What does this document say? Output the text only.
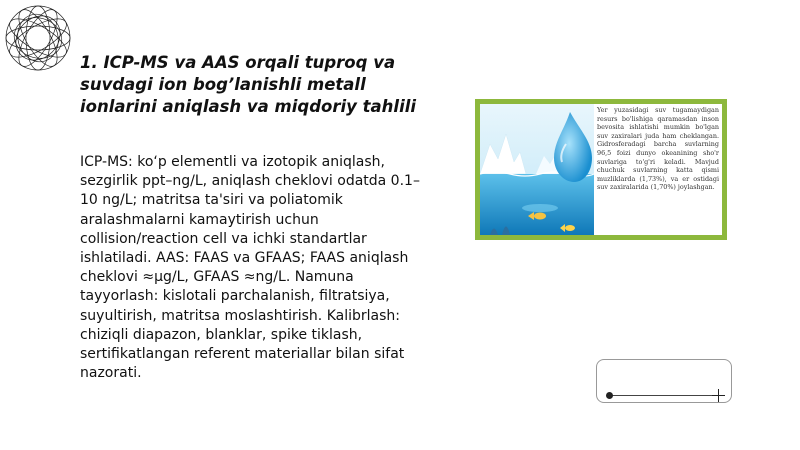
1. ICP-MS va AAS orqali tuproq va suvdagi ion bog’lanishli metall ionlarini aniqlash va miqdoriy tahlili

ICP-MS: ko‘p elementli va izotopik aniqlash, sezgirlik ppt–ng/L, aniqlash cheklovi odatda 0.1–10 ng/L; matritsa ta'siri va poliatomik aralashmalarni kamaytirish uchun collision/reaction cell va ichki standartlar ishlatiladi. AAS: FAAS va GFAAS; FAAS aniqlash cheklovi ≈µg/L, GFAAS ≈ng/L. Namuna tayyorlash: kislotali parchalanish, filtratsiya, suyultirish, matritsa moslashtirish. Kalibrlash: chiziqli diapazon, blanklar, spike tiklash, sertifikatlangan referent materiallar bilan sifat nazorati.

Yer yuzasidagi suv tugamaydigan resurs bo'lishiga qaramasdan inson bevosita ishlatishi mumkin bo'lgan suv zaxiralari juda ham cheklangan. Gidrosferadagi barcha suvlarning 96,5 foizi dunyo okeanining sho'r suvlariga to'g'ri keladi. Mavjud chuchuk suvlarning katta qismi muzliklarda (1,73%), va er ostidagi suv zaxiralarida (1,70%) joylashgan.
